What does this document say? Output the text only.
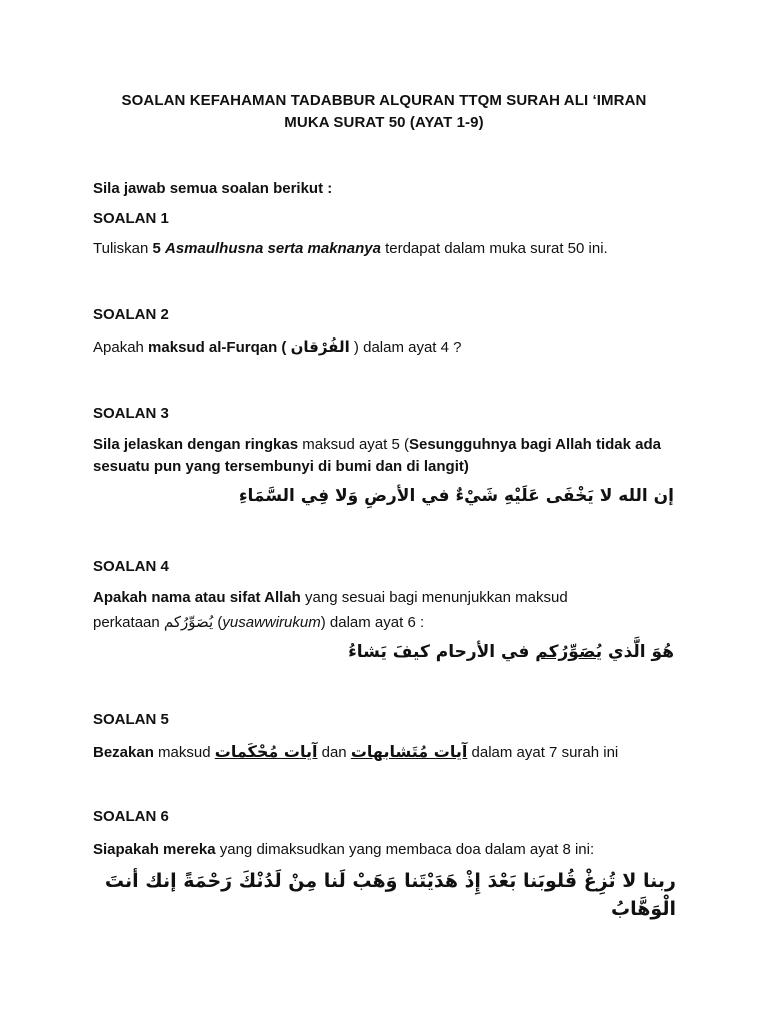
SOALAN KEFAHAMAN TADABBUR ALQURAN TTQM SURAH ALI ‘IMRAN
MUKA SURAT 50 (AYAT 1-9)
Sila jawab semua soalan berikut :
SOALAN 1
Tuliskan 5 Asmaulhusna serta maknanya terdapat dalam muka surat 50 ini.
SOALAN 2
Apakah maksud al-Furqan ( الفُرْقان ) dalam ayat 4 ?
SOALAN 3
Sila jelaskan dengan ringkas maksud ayat 5 (Sesungguhnya bagi Allah tidak ada sesuatu pun yang tersembunyi di bumi dan di langit)
إن الله لا يَخْفَى عَلَيْهِ شَيْءٌ في الأرضِ وَلا فِي السَّمَاءِ
SOALAN 4
Apakah nama atau sifat Allah yang sesuai bagi menunjukkan maksud
perkataan يُصَوِّرُكم (yusawwirukum) dalam ayat 6 :
هُوَ الَّذي يُصَوِّرُكم في الأرحام كيفَ يَشاءُ
SOALAN 5
Bezakan maksud آيات مُحْكَمات dan آيات مُتَشابهات dalam ayat 7 surah ini
SOALAN 6
Siapakah mereka yang dimaksudkan yang membaca doa dalam ayat 8 ini:
ربنا لا تُزِغْ قُلوبَنا بَعْدَ إِذْ هَدَيْتَنا وَهَبْ لَنا مِنْ لَدُنْكَ رَحْمَةً إنك أنتَ
الْوَهَّابُ
